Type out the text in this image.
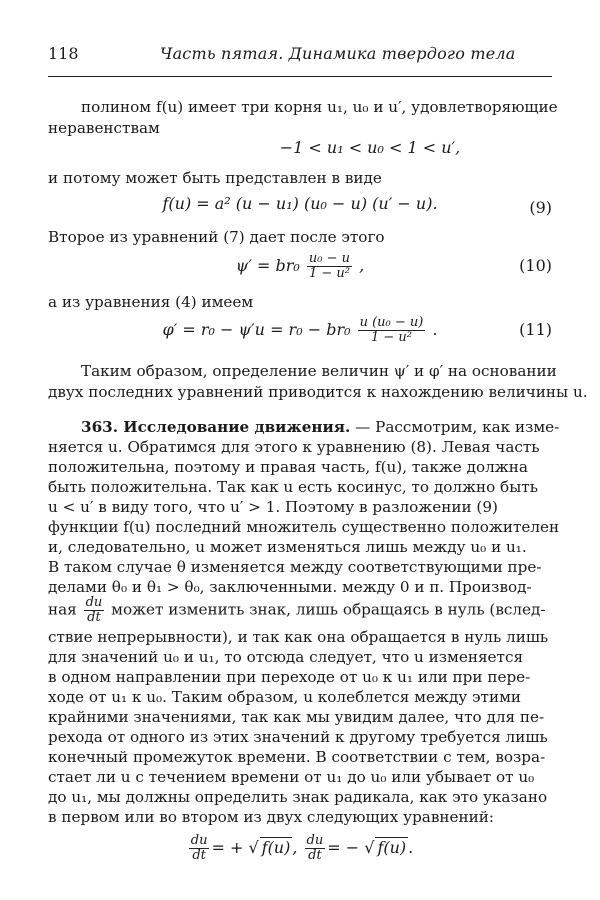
118	Часть пятая. Динамика твердого тела
полином f(u) имеет три корня u₁, u₀ и u′, удовлетворяющие
неравенствам
−1 < u₁ < u₀ < 1 < u′,
и потому может быть представлен в виде
f(u) = a² (u − u₁) (u₀ − u) (u′ − u).	(9)
Второе из уравнений (7) дает после этого
$\psi' = br_0 \frac{\text{u₀ − u}}{\text{1 − u²}}$ ,	(10)
а из уравнения (4) имеем
$\varphi' = r_0 - \psi'u = r_0 - br_0 \frac{\text{u (u₀ − u)}}{\text{1 − u²}}$ .	(11)
Таким образом, определение величин ψ′ и φ′ на основании
двух последних уравнений приводится к нахождению величины u.
363. Исследование движения. — Рассмотрим, как изме-
няется u. Обратимся для этого к уравнению (8). Левая часть
положительна, поэтому и правая часть, f(u), также должна
быть положительна. Так как u есть косинус, то должно быть
u < u′ в виду того, что u′ > 1. Поэтому в разложении (9)
функции f(u) последний множитель существенно положителен
и, следовательно, u может изменяться лишь между u₀ и u₁.
В таком случае θ изменяется между соответствующими пре-
делами θ₀ и θ₁ > θ₀, заключенными. между 0 и π. Производ-
ная $\frac{du}{dt}$ может изменить знак, лишь обращаясь в нуль (вслед-
ствие непрерывности), и так как она обращается в нуль лишь
для значений u₀ и u₁, то отсюда следует, что u изменяется
в одном направлении при переходе от u₀ к u₁ или при пере-
ходе от u₁ к u₀. Таким образом, u колеблется между этими
крайними значениями, так как мы увидим далее, что для пе-
рехода от одного из этих значений к другому требуется лишь
конечный промежуток времени. В соответствии с тем, возра-
стает ли u с течением времени от u₁ до u₀ или убывает от u₀
до u₁, мы должны определить знак радикала, как это указано
в первом или во втором из двух следующих уравнений:
$\frac{du}{dt}$ = + √ f(u) , $\frac{du}{dt}$ = − √ f(u) .
